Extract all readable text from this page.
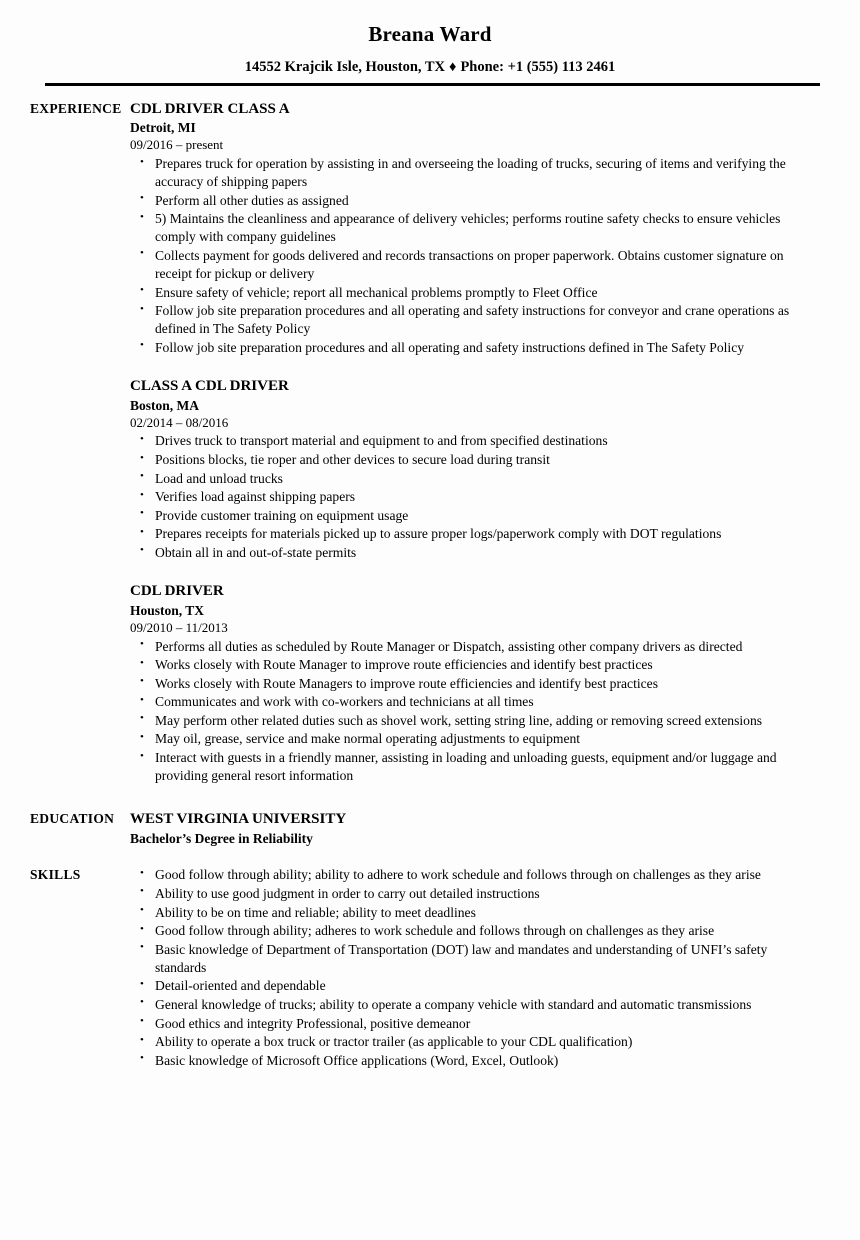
Breana Ward
14552 Krajcik Isle, Houston, TX ♦ Phone: +1 (555) 113 2461
EXPERIENCE CDL DRIVER CLASS A
Detroit, MI
09/2016 – present
• Prepares truck for operation by assisting in and overseeing the loading of trucks, securing of items and verifying the accuracy of shipping papers
• Perform all other duties as assigned
• 5) Maintains the cleanliness and appearance of delivery vehicles; performs routine safety checks to ensure vehicles comply with company guidelines
• Collects payment for goods delivered and records transactions on proper paperwork. Obtains customer signature on receipt for pickup or delivery
• Ensure safety of vehicle; report all mechanical problems promptly to Fleet Office
• Follow job site preparation procedures and all operating and safety instructions for conveyor and crane operations as defined in The Safety Policy
• Follow job site preparation procedures and all operating and safety instructions defined in The Safety Policy
CLASS A CDL DRIVER
Boston, MA
02/2014 – 08/2016
• Drives truck to transport material and equipment to and from specified destinations
• Positions blocks, tie roper and other devices to secure load during transit
• Load and unload trucks
• Verifies load against shipping papers
• Provide customer training on equipment usage
• Prepares receipts for materials picked up to assure proper logs/paperwork comply with DOT regulations
• Obtain all in and out-of-state permits
CDL DRIVER
Houston, TX
09/2010 – 11/2013
• Performs all duties as scheduled by Route Manager or Dispatch, assisting other company drivers as directed
• Works closely with Route Manager to improve route efficiencies and identify best practices
• Works closely with Route Managers to improve route efficiencies and identify best practices
• Communicates and work with co-workers and technicians at all times
• May perform other related duties such as shovel work, setting string line, adding or removing screed extensions
• May oil, grease, service and make normal operating adjustments to equipment
• Interact with guests in a friendly manner, assisting in loading and unloading guests, equipment and/or luggage and providing general resort information
EDUCATION	WEST VIRGINIA UNIVERSITY
Bachelor’s Degree in Reliability
SKILLS	• Good follow through ability; ability to adhere to work schedule and follows through on challenges as they arise
• Ability to use good judgment in order to carry out detailed instructions
• Ability to be on time and reliable; ability to meet deadlines
• Good follow through ability; adheres to work schedule and follows through on challenges as they arise
• Basic knowledge of Department of Transportation (DOT) law and mandates and understanding of UNFI’s safety standards
• Detail-oriented and dependable
• General knowledge of trucks; ability to operate a company vehicle with standard and automatic transmissions
• Good ethics and integrity Professional, positive demeanor
• Ability to operate a box truck or tractor trailer (as applicable to your CDL qualification)
• Basic knowledge of Microsoft Office applications (Word, Excel, Outlook)
